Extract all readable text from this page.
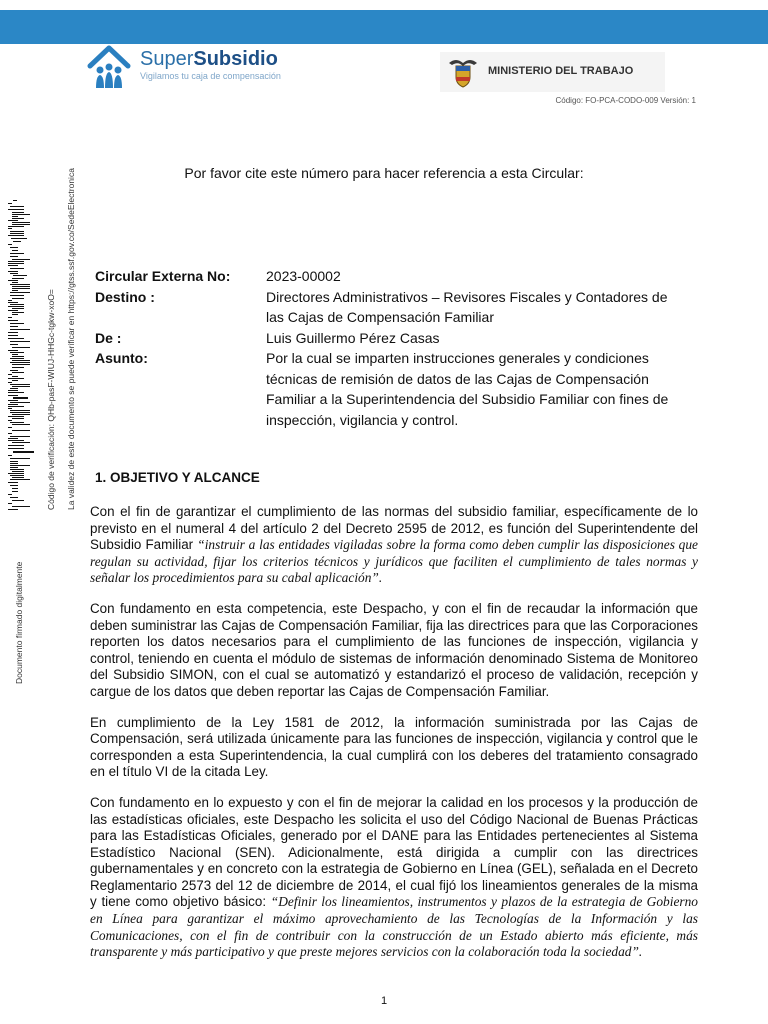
SuperSubsidio
Vigilamos tu caja de compensación	MINISTERIO DEL TRABAJO
Código: FO-PCA-CODO-009 Versión: 1
La validez de este documento se puede verificar en https://gtss.ssf.gov.co/SedeElectronica
Código de verificación: QHb-pasF-WIUJ-HHGc-tgkw-xoO=
Documento firmado digitalmente
Por favor cite este número para hacer referencia a esta Circular:
Circular Externa No:	2023-00002
Destino :	Directores Administrativos – Revisores Fiscales y Contadores de las Cajas de Compensación Familiar
De :	Luis Guillermo Pérez Casas
Asunto:	Por la cual se imparten instrucciones generales y condiciones técnicas de remisión de datos de las Cajas de Compensación Familiar a la Superintendencia del Subsidio Familiar con fines de inspección, vigilancia y control.
1. OBJETIVO Y ALCANCE

Con el fin de garantizar el cumplimiento de las normas del subsidio familiar, específicamente de lo previsto en el numeral 4 del artículo 2 del Decreto 2595 de 2012, es función del Superintendente del Subsidio Familiar “instruir a las entidades vigiladas sobre la forma como deben cumplir las disposiciones que regulan su actividad, fijar los criterios técnicos y jurídicos que faciliten el cumplimiento de tales normas y señalar los procedimientos para su cabal aplicación”.

Con fundamento en esta competencia, este Despacho, y con el fin de recaudar la información que deben suministrar las Cajas de Compensación Familiar, fija las directrices para que las Corporaciones reporten los datos necesarios para el cumplimiento de las funciones de inspección, vigilancia y control, teniendo en cuenta el módulo de sistemas de información denominado Sistema de Monitoreo del Subsidio SIMON, con el cual se automatizó y estandarizó el proceso de validación, recepción y cargue de los datos que deben reportar las Cajas de Compensación Familiar.

En cumplimiento de la Ley 1581 de 2012, la información suministrada por las Cajas de Compensación, será utilizada únicamente para las funciones de inspección, vigilancia y control que le corresponden a esta Superintendencia, la cual cumplirá con los deberes del tratamiento consagrado en el título VI de la citada Ley.

Con fundamento en lo expuesto y con el fin de mejorar la calidad en los procesos y la producción de las estadísticas oficiales, este Despacho les solicita el uso del Código Nacional de Buenas Prácticas para las Estadísticas Oficiales, generado por el DANE para las Entidades pertenecientes al Sistema Estadístico Nacional (SEN). Adicionalmente, está dirigida a cumplir con las directrices gubernamentales y en concreto con la estrategia de Gobierno en Línea (GEL), señalada en el Decreto Reglamentario 2573 del 12 de diciembre de 2014, el cual fijó los lineamientos generales de la misma y tiene como objetivo básico: “Definir los lineamientos, instrumentos y plazos de la estrategia de Gobierno en Línea para garantizar el máximo aprovechamiento de las Tecnologías de la Información y las Comunicaciones, con el fin de contribuir con la construcción de un Estado abierto más eficiente, más transparente y más participativo y que preste mejores servicios con la colaboración toda la sociedad”.

1
